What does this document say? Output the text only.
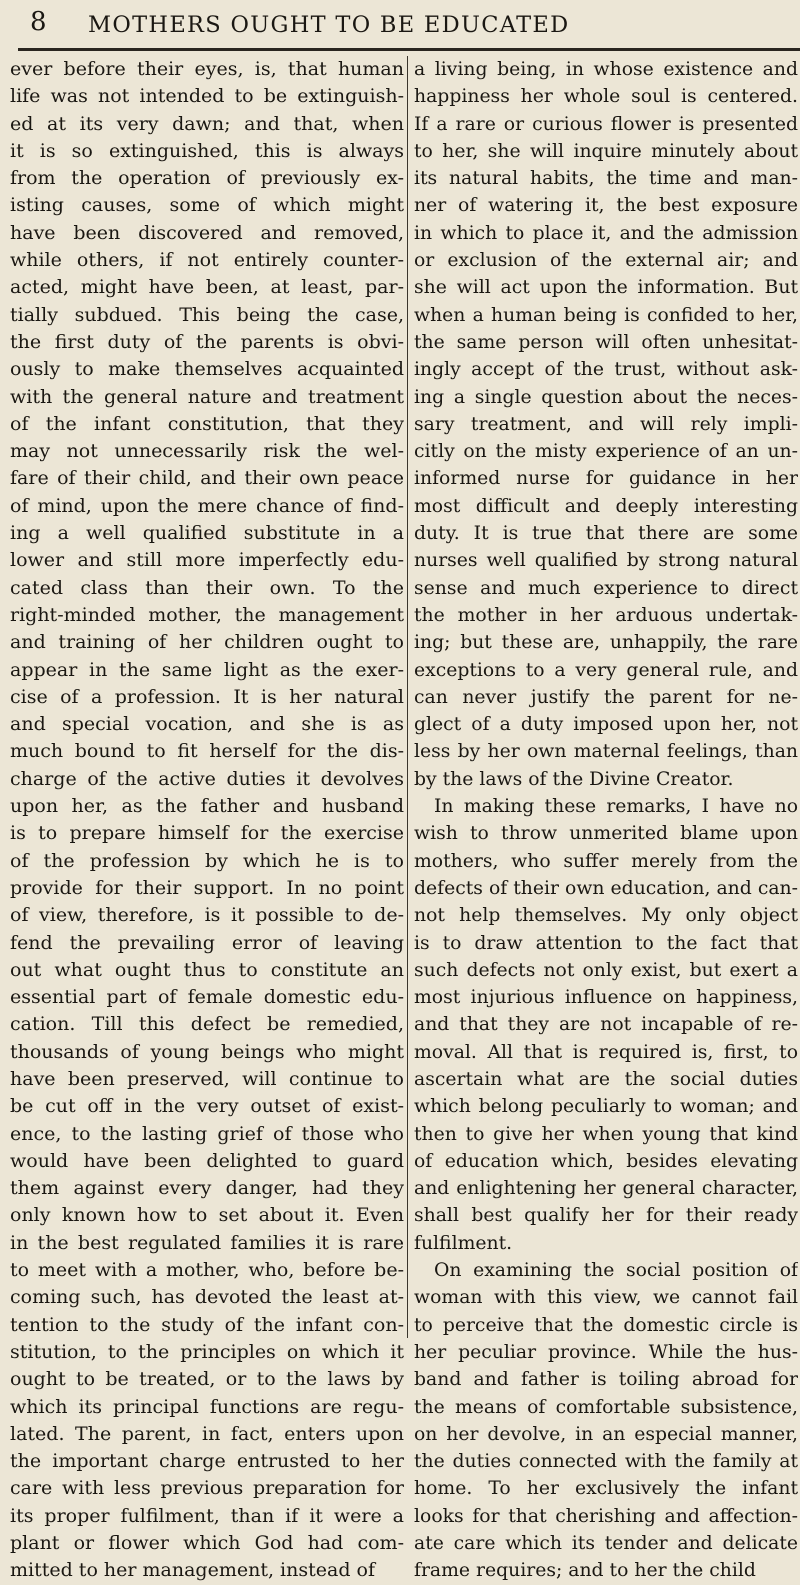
8 MOTHERS OUGHT TO BE EDUCATED
ever before their eyes, is, that human
life was not intended to be extinguish-
ed at its very dawn; and that, when
it is so extinguished, this is always
from the operation of previously ex-
isting causes, some of which might
have been discovered and removed,
while others, if not entirely counter-
acted, might have been, at least, par-
tially subdued. This being the case,
the first duty of the parents is obvi-
ously to make themselves acquainted
with the general nature and treatment
of the infant constitution, that they
may not unnecessarily risk the wel-
fare of their child, and their own peace
of mind, upon the mere chance of find-
ing a well qualified substitute in a
lower and still more imperfectly edu-
cated class than their own. To the
right-minded mother, the management
and training of her children ought to
appear in the same light as the exer-
cise of a profession. It is her natural
and special vocation, and she is as
much bound to fit herself for the dis-
charge of the active duties it devolves
upon her, as the father and husband
is to prepare himself for the exercise
of the profession by which he is to
provide for their support. In no point
of view, therefore, is it possible to de-
fend the prevailing error of leaving
out what ought thus to constitute an
essential part of female domestic edu-
cation. Till this defect be remedied,
thousands of young beings who might
have been preserved, will continue to
be cut off in the very outset of exist-
ence, to the lasting grief of those who
would have been delighted to guard
them against every danger, had they
only known how to set about it. Even
in the best regulated families it is rare
to meet with a mother, who, before be-
coming such, has devoted the least at-
tention to the study of the infant con-
stitution, to the principles on which it
ought to be treated, or to the laws by
which its principal functions are regu-
lated. The parent, in fact, enters upon
the important charge entrusted to her
care with less previous preparation for
its proper fulfilment, than if it were a
plant or flower which God had com-
mitted to her management, instead of
a living being, in whose existence and
happiness her whole soul is centered.
If a rare or curious flower is presented
to her, she will inquire minutely about
its natural habits, the time and man-
ner of watering it, the best exposure
in which to place it, and the admission
or exclusion of the external air; and
she will act upon the information. But
when a human being is confided to her,
the same person will often unhesitat-
ingly accept of the trust, without ask-
ing a single question about the neces-
sary treatment, and will rely impli-
citly on the misty experience of an un-
informed nurse for guidance in her
most difficult and deeply interesting
duty. It is true that there are some
nurses well qualified by strong natural
sense and much experience to direct
the mother in her arduous undertak-
ing; but these are, unhappily, the rare
exceptions to a very general rule, and
can never justify the parent for ne-
glect of a duty imposed upon her, not
less by her own maternal feelings, than
by the laws of the Divine Creator.
In making these remarks, I have no
wish to throw unmerited blame upon
mothers, who suffer merely from the
defects of their own education, and can-
not help themselves. My only object
is to draw attention to the fact that
such defects not only exist, but exert a
most injurious influence on happiness,
and that they are not incapable of re-
moval. All that is required is, first, to
ascertain what are the social duties
which belong peculiarly to woman; and
then to give her when young that kind
of education which, besides elevating
and enlightening her general character,
shall best qualify her for their ready
fulfilment.
On examining the social position of
woman with this view, we cannot fail
to perceive that the domestic circle is
her peculiar province. While the hus-
band and father is toiling abroad for
the means of comfortable subsistence,
on her devolve, in an especial manner,
the duties connected with the family at
home. To her exclusively the infant
looks for that cherishing and affection-
ate care which its tender and delicate
frame requires; and to her the child
